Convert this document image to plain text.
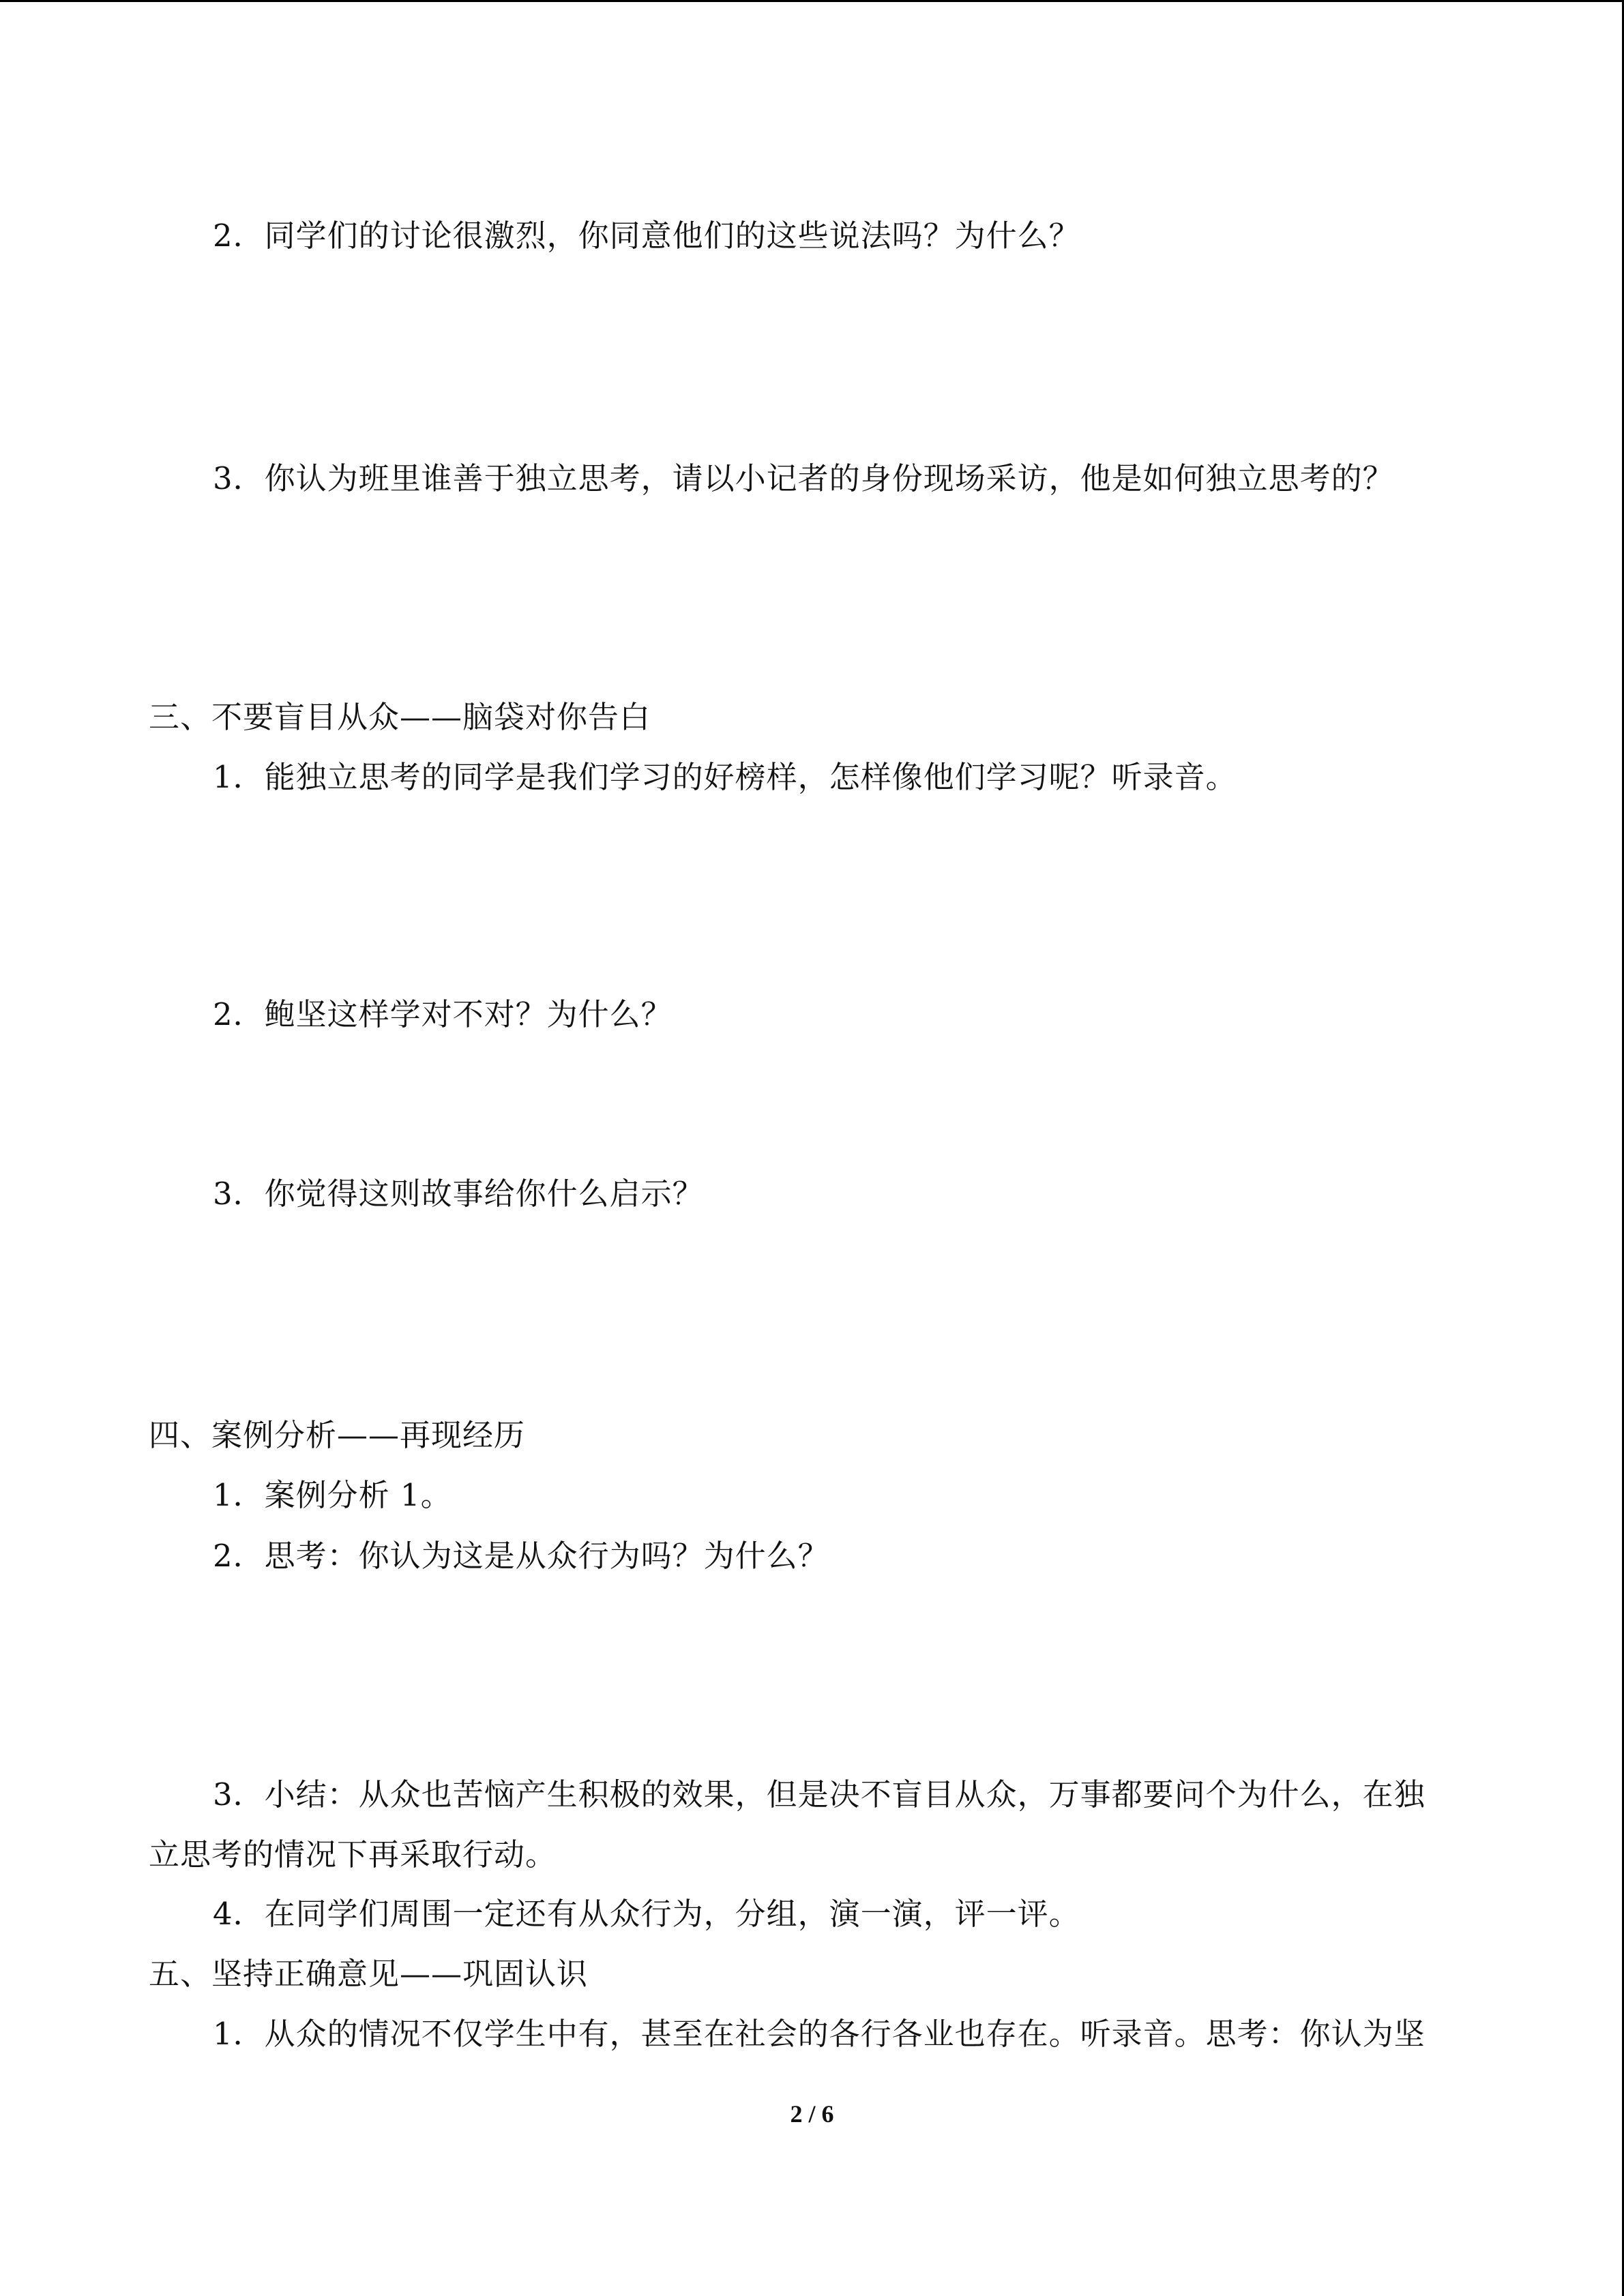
2．同学们的讨论很激烈，你同意他们的这些说法吗？为什么？
3．你认为班里谁善于独立思考，请以小记者的身份现场采访，他是如何独立思考的？
三、不要盲目从众——脑袋对你告白
1．能独立思考的同学是我们学习的好榜样，怎样像他们学习呢？听录音。
2．鲍坚这样学对不对？为什么？
3．你觉得这则故事给你什么启示？
四、案例分析——再现经历
1．案例分析 1。
2．思考：你认为这是从众行为吗？为什么？
3．小结：从众也苦恼产生积极的效果，但是决不盲目从众，万事都要问个为什么，在独
立思考的情况下再采取行动。
4．在同学们周围一定还有从众行为，分组，演一演，评一评。
五、坚持正确意见——巩固认识
1．从众的情况不仅学生中有，甚至在社会的各行各业也存在。听录音。思考：你认为坚
2 / 6
